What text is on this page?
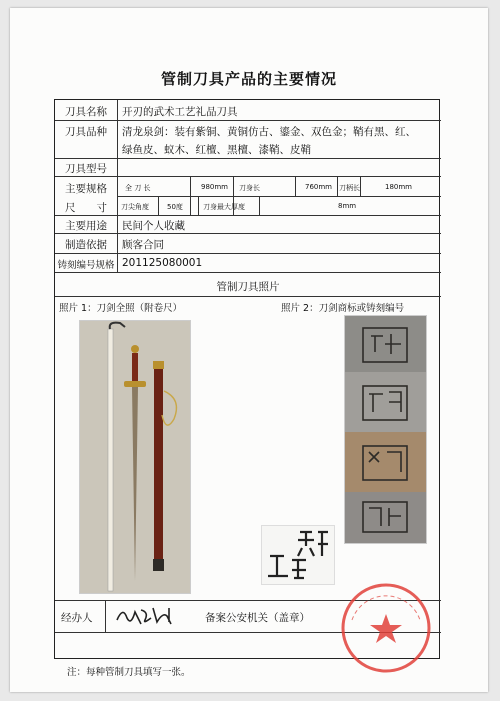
管制刀具产品的主要情况
刀具名称	开刃的武术工艺礼品刀具
刀具品种	清龙泉剑：装有紫铜、黄铜仿古、鎏金、双色金；鞘有黑、红、
绿鱼皮、蚁木、红檀、黑檀、漆鞘、皮鞘
刀具型号
主要规格
尺　　寸
全 刀 长	980mm 刀身长	760mm 刀柄长	180mm
刀尖角度	50度	刀身最大厚度	8mm
主要用途	民间个人收藏
制造依据	顾客合同
铸刻编号规格 201125080001
管制刀具照片
照片 1：刀剑全照（附卷尺）	照片 2：刀剑商标或铸刻编号
经办人	备案公安机关（盖章）
注：每种管制刀具填写一张。
